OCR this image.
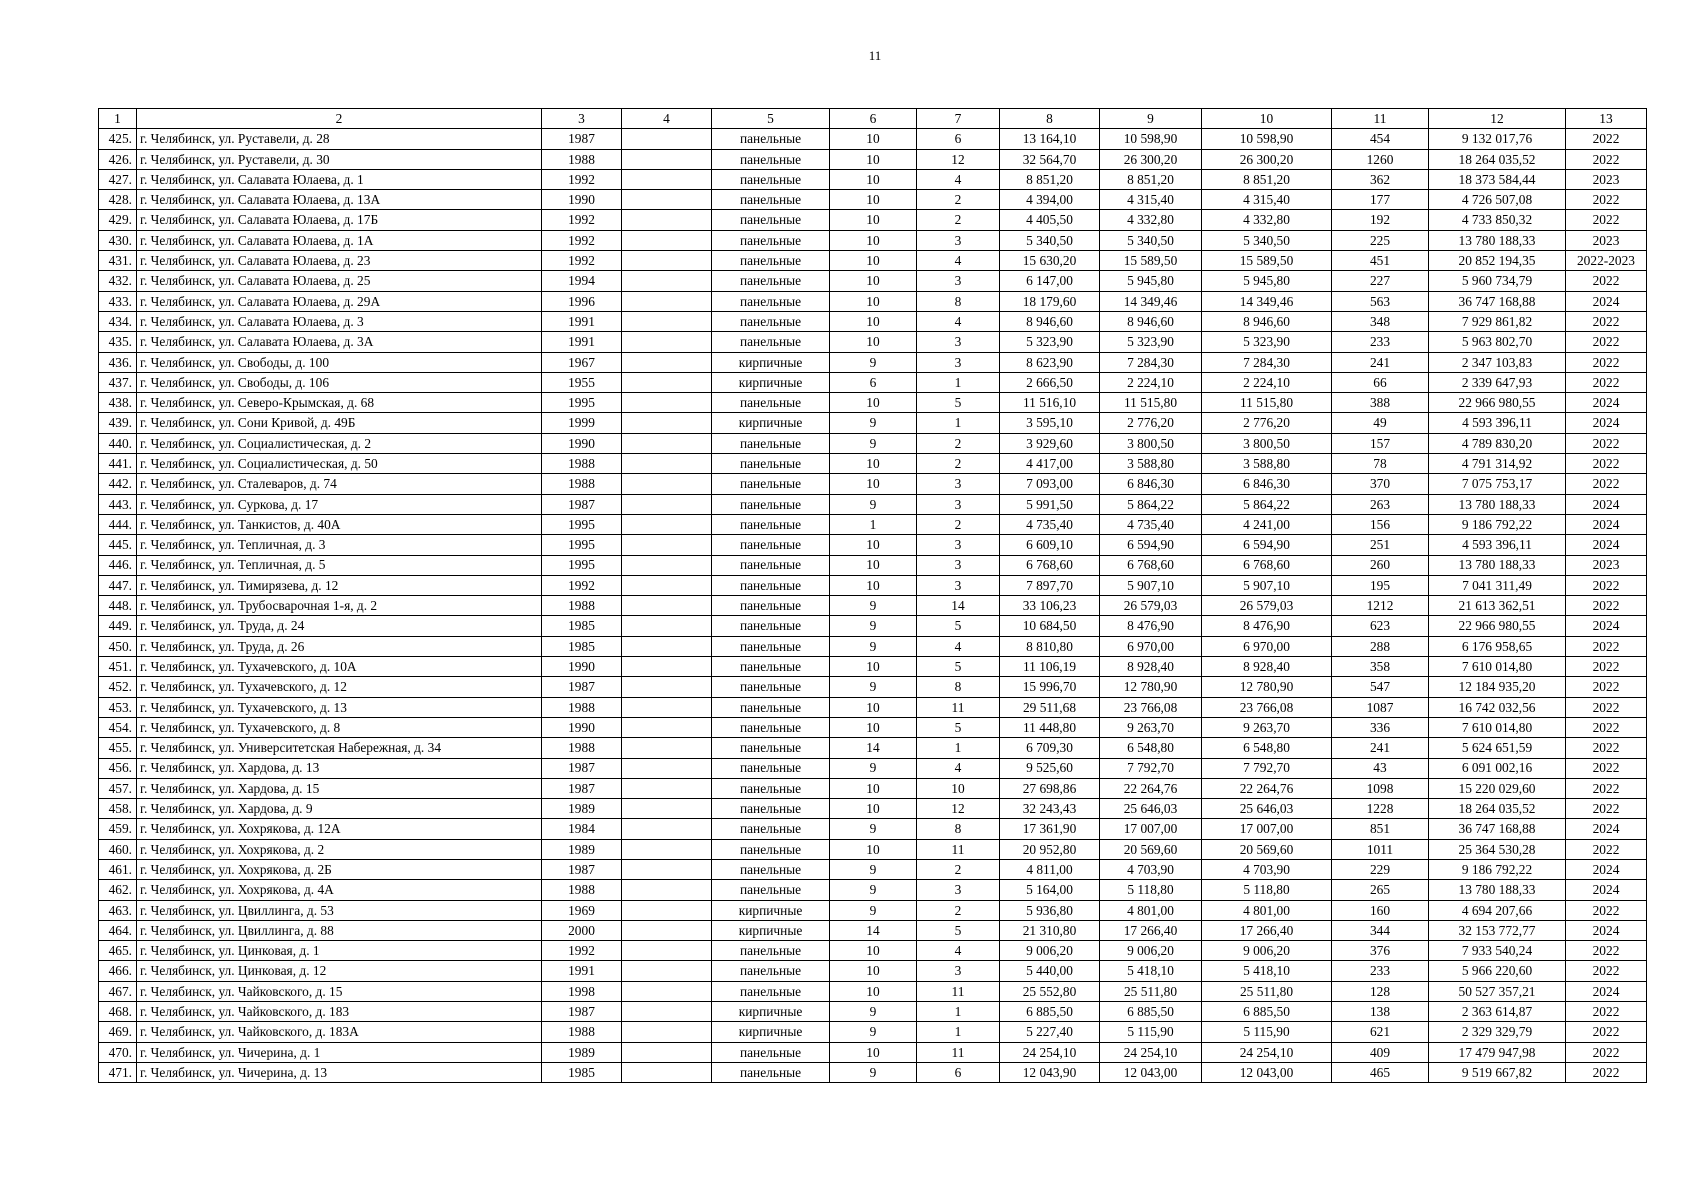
11
1	2	3	4	5	6	7	8	9	10	11	12	13
425.	г. Челябинск, ул. Руставели, д. 28	1987		панельные	10	6	13 164,10	10 598,90	10 598,90	454	9 132 017,76	2022
426.	г. Челябинск, ул. Руставели, д. 30	1988		панельные	10	12	32 564,70	26 300,20	26 300,20	1260	18 264 035,52	2022
427.	г. Челябинск, ул. Салавата Юлаева, д. 1	1992		панельные	10	4	8 851,20	8 851,20	8 851,20	362	18 373 584,44	2023
428.	г. Челябинск, ул. Салавата Юлаева, д. 13А	1990		панельные	10	2	4 394,00	4 315,40	4 315,40	177	4 726 507,08	2022
429.	г. Челябинск, ул. Салавата Юлаева, д. 17Б	1992		панельные	10	2	4 405,50	4 332,80	4 332,80	192	4 733 850,32	2022
430.	г. Челябинск, ул. Салавата Юлаева, д. 1А	1992		панельные	10	3	5 340,50	5 340,50	5 340,50	225	13 780 188,33	2023
431.	г. Челябинск, ул. Салавата Юлаева, д. 23	1992		панельные	10	4	15 630,20	15 589,50	15 589,50	451	20 852 194,35	2022-2023
432.	г. Челябинск, ул. Салавата Юлаева, д. 25	1994		панельные	10	3	6 147,00	5 945,80	5 945,80	227	5 960 734,79	2022
433.	г. Челябинск, ул. Салавата Юлаева, д. 29А	1996		панельные	10	8	18 179,60	14 349,46	14 349,46	563	36 747 168,88	2024
434.	г. Челябинск, ул. Салавата Юлаева, д. 3	1991		панельные	10	4	8 946,60	8 946,60	8 946,60	348	7 929 861,82	2022
435.	г. Челябинск, ул. Салавата Юлаева, д. 3А	1991		панельные	10	3	5 323,90	5 323,90	5 323,90	233	5 963 802,70	2022
436.	г. Челябинск, ул. Свободы, д. 100	1967		кирпичные	9	3	8 623,90	7 284,30	7 284,30	241	2 347 103,83	2022
437.	г. Челябинск, ул. Свободы, д. 106	1955		кирпичные	6	1	2 666,50	2 224,10	2 224,10	66	2 339 647,93	2022
438.	г. Челябинск, ул. Северо-Крымская, д. 68	1995		панельные	10	5	11 516,10	11 515,80	11 515,80	388	22 966 980,55	2024
439.	г. Челябинск, ул. Сони Кривой, д. 49Б	1999		кирпичные	9	1	3 595,10	2 776,20	2 776,20	49	4 593 396,11	2024
440.	г. Челябинск, ул. Социалистическая, д. 2	1990		панельные	9	2	3 929,60	3 800,50	3 800,50	157	4 789 830,20	2022
441.	г. Челябинск, ул. Социалистическая, д. 50	1988		панельные	10	2	4 417,00	3 588,80	3 588,80	78	4 791 314,92	2022
442.	г. Челябинск, ул. Сталеваров, д. 74	1988		панельные	10	3	7 093,00	6 846,30	6 846,30	370	7 075 753,17	2022
443.	г. Челябинск, ул. Суркова, д. 17	1987		панельные	9	3	5 991,50	5 864,22	5 864,22	263	13 780 188,33	2024
444.	г. Челябинск, ул. Танкистов, д. 40А	1995		панельные	1	2	4 735,40	4 735,40	4 241,00	156	9 186 792,22	2024
445.	г. Челябинск, ул. Тепличная, д. 3	1995		панельные	10	3	6 609,10	6 594,90	6 594,90	251	4 593 396,11	2024
446.	г. Челябинск, ул. Тепличная, д. 5	1995		панельные	10	3	6 768,60	6 768,60	6 768,60	260	13 780 188,33	2023
447.	г. Челябинск, ул. Тимирязева, д. 12	1992		панельные	10	3	7 897,70	5 907,10	5 907,10	195	7 041 311,49	2022
448.	г. Челябинск, ул. Трубосварочная 1-я, д. 2	1988		панельные	9	14	33 106,23	26 579,03	26 579,03	1212	21 613 362,51	2022
449.	г. Челябинск, ул. Труда, д. 24	1985		панельные	9	5	10 684,50	8 476,90	8 476,90	623	22 966 980,55	2024
450.	г. Челябинск, ул. Труда, д. 26	1985		панельные	9	4	8 810,80	6 970,00	6 970,00	288	6 176 958,65	2022
451.	г. Челябинск, ул. Тухачевского, д. 10А	1990		панельные	10	5	11 106,19	8 928,40	8 928,40	358	7 610 014,80	2022
452.	г. Челябинск, ул. Тухачевского, д. 12	1987		панельные	9	8	15 996,70	12 780,90	12 780,90	547	12 184 935,20	2022
453.	г. Челябинск, ул. Тухачевского, д. 13	1988		панельные	10	11	29 511,68	23 766,08	23 766,08	1087	16 742 032,56	2022
454.	г. Челябинск, ул. Тухачевского, д. 8	1990		панельные	10	5	11 448,80	9 263,70	9 263,70	336	7 610 014,80	2022
455.	г. Челябинск, ул. Университетская Набережная, д. 34	1988		панельные	14	1	6 709,30	6 548,80	6 548,80	241	5 624 651,59	2022
456.	г. Челябинск, ул. Хардова, д. 13	1987		панельные	9	4	9 525,60	7 792,70	7 792,70	43	6 091 002,16	2022
457.	г. Челябинск, ул. Хардова, д. 15	1987		панельные	10	10	27 698,86	22 264,76	22 264,76	1098	15 220 029,60	2022
458.	г. Челябинск, ул. Хардова, д. 9	1989		панельные	10	12	32 243,43	25 646,03	25 646,03	1228	18 264 035,52	2022
459.	г. Челябинск, ул. Хохрякова, д. 12А	1984		панельные	9	8	17 361,90	17 007,00	17 007,00	851	36 747 168,88	2024
460.	г. Челябинск, ул. Хохрякова, д. 2	1989		панельные	10	11	20 952,80	20 569,60	20 569,60	1011	25 364 530,28	2022
461.	г. Челябинск, ул. Хохрякова, д. 2Б	1987		панельные	9	2	4 811,00	4 703,90	4 703,90	229	9 186 792,22	2024
462.	г. Челябинск, ул. Хохрякова, д. 4А	1988		панельные	9	3	5 164,00	5 118,80	5 118,80	265	13 780 188,33	2024
463.	г. Челябинск, ул. Цвиллинга, д. 53	1969		кирпичные	9	2	5 936,80	4 801,00	4 801,00	160	4 694 207,66	2022
464.	г. Челябинск, ул. Цвиллинга, д. 88	2000		кирпичные	14	5	21 310,80	17 266,40	17 266,40	344	32 153 772,77	2024
465.	г. Челябинск, ул. Цинковая, д. 1	1992		панельные	10	4	9 006,20	9 006,20	9 006,20	376	7 933 540,24	2022
466.	г. Челябинск, ул. Цинковая, д. 12	1991		панельные	10	3	5 440,00	5 418,10	5 418,10	233	5 966 220,60	2022
467.	г. Челябинск, ул. Чайковского, д. 15	1998		панельные	10	11	25 552,80	25 511,80	25 511,80	128	50 527 357,21	2024
468.	г. Челябинск, ул. Чайковского, д. 183	1987		кирпичные	9	1	6 885,50	6 885,50	6 885,50	138	2 363 614,87	2022
469.	г. Челябинск, ул. Чайковского, д. 183А	1988		кирпичные	9	1	5 227,40	5 115,90	5 115,90	621	2 329 329,79	2022
470.	г. Челябинск, ул. Чичерина, д. 1	1989		панельные	10	11	24 254,10	24 254,10	24 254,10	409	17 479 947,98	2022
471.	г. Челябинск, ул. Чичерина, д. 13	1985		панельные	9	6	12 043,90	12 043,00	12 043,00	465	9 519 667,82	2022
